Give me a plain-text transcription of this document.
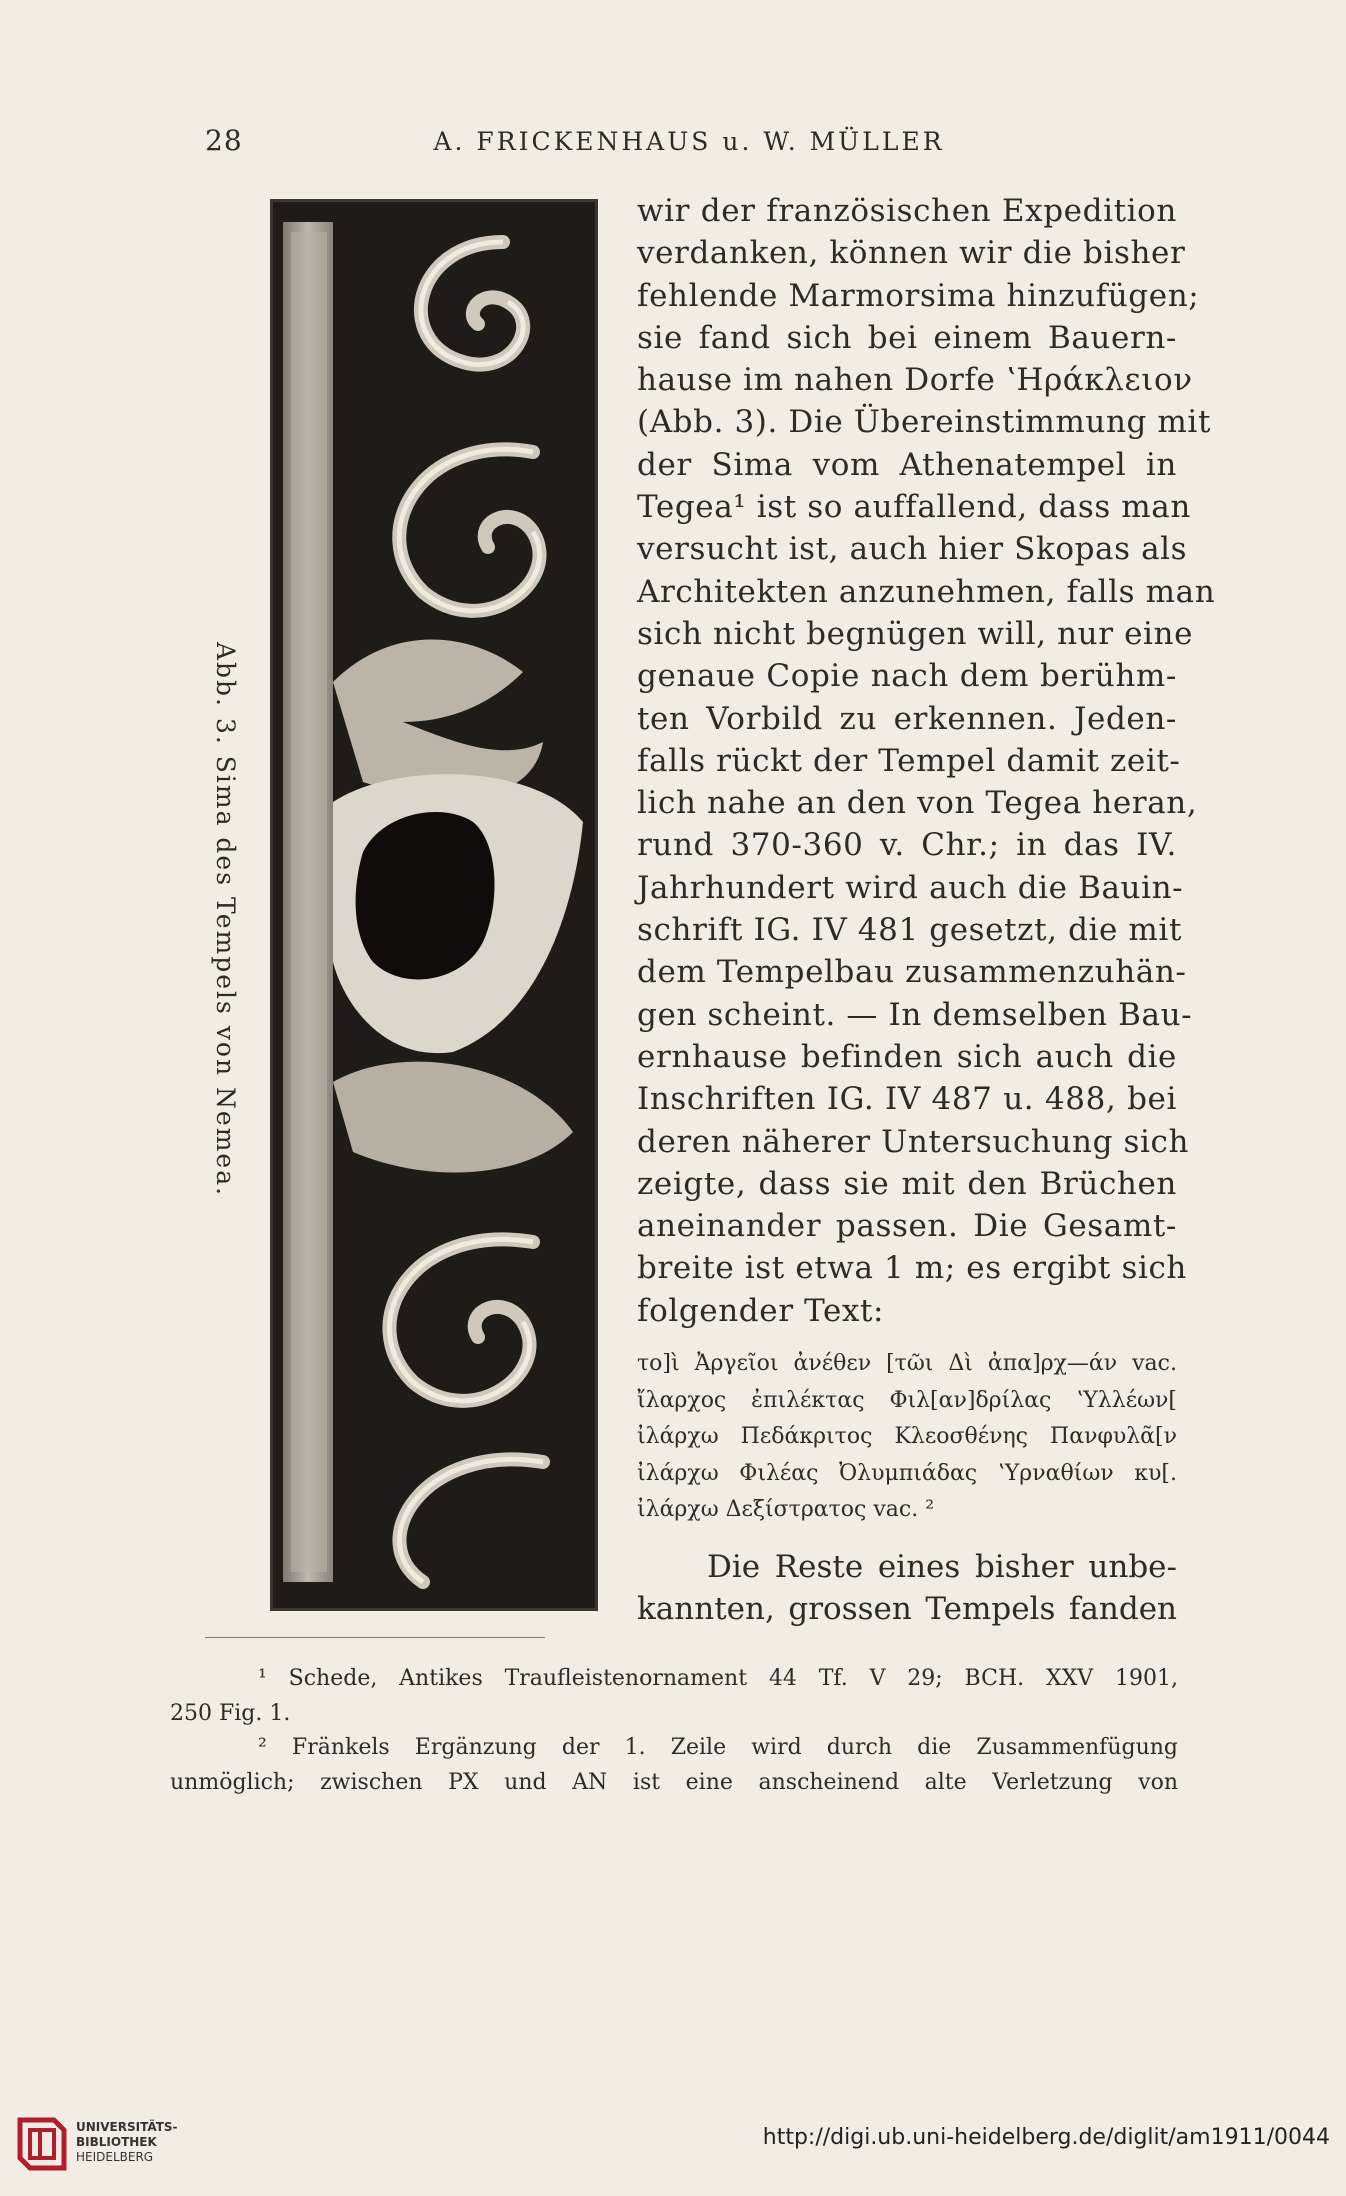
28	A. FRICKENHAUS u. W. MÜLLER
Abb. 3. Sima des Tempels von Nemea.

wir der französischen Expedition
verdanken, können wir die bisher
fehlende Marmorsima hinzufügen;
sie fand sich bei einem Bauern-
hause im nahen Dorfe ʽΗράκλειον
(Abb. 3). Die Übereinstimmung mit
der Sima vom Athenatempel in
Tegea¹ ist so auffallend, dass man
versucht ist, auch hier Skopas als
Architekten anzunehmen, falls man
sich nicht begnügen will, nur eine
genaue Copie nach dem berühm-
ten Vorbild zu erkennen. Jeden-
falls rückt der Tempel damit zeit-
lich nahe an den von Tegea heran,
rund 370-360 v. Chr.; in das IV.
Jahrhundert wird auch die Bauin-
schrift IG. IV 481 gesetzt, die mit
dem Tempelbau zusammenzuhän-
gen scheint. — In demselben Bau-
ernhause befinden sich auch die
Inschriften IG. IV 487 u. 488, bei
deren näherer Untersuchung sich
zeigte, dass sie mit den Brüchen
aneinander passen. Die Gesamt-
breite ist etwa 1 m; es ergibt sich
folgender Text:

το]ὶ Ἀργεῖοι ἀνέθεν [τῶι Δὶ ἀπα]ρχ—άν vac.
ἴλαρχος ἐπιλέκτας Φιλ[αν]δρίλας ʽΥλλέων[
ἰλάρχω Πεδάκριτος Κλεοσθένης Πανφυλᾶ[ν
ἰλάρχω Φιλέας Ὀλυμπιάδας ʽΥρναθίων κυ[.
ἰλάρχω Δεξίστρατος vac. ²
Die Reste eines bisher unbe-
kannten, grossen Tempels fanden
¹ Schede, Antikes Traufleistenornament 44 Tf. V 29; BCH. XXV 1901,
250 Fig. 1.
² Fränkels Ergänzung der 1. Zeile wird durch die Zusammenfügung
unmöglich; zwischen PX und AN ist eine anscheinend alte Verletzung von
UNIVERSITÄTS-
BIBLIOTHEK
HEIDELBERG
http://digi.ub.uni-heidelberg.de/diglit/am1911/0044
